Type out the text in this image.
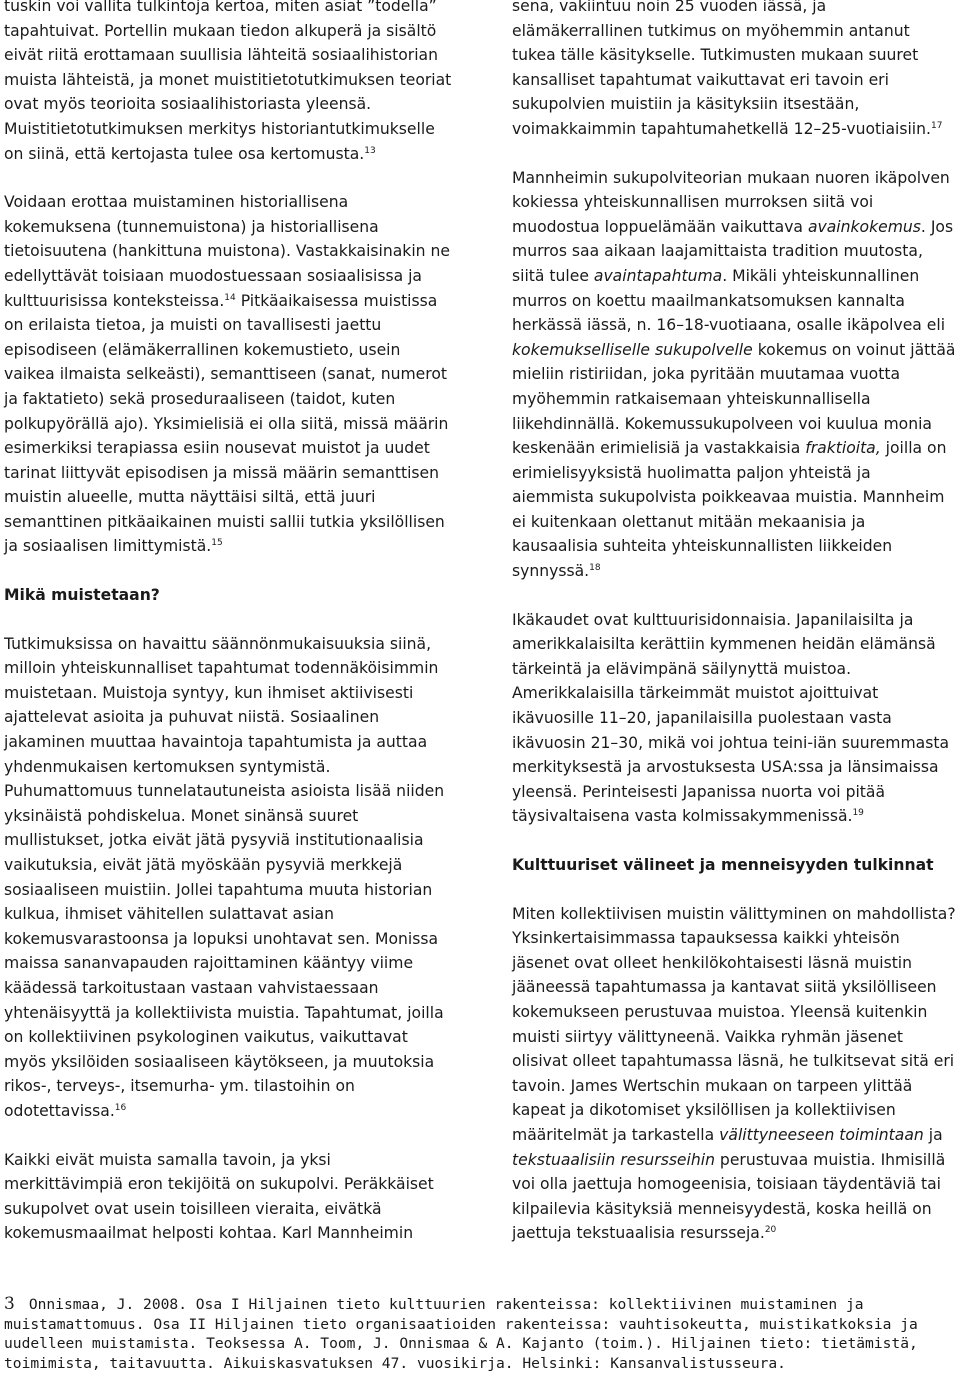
tuskin voi vallita tulkintoja kertoa, miten asiat ”todella” tapahtuivat. Portellin mukaan tiedon alkuperä ja sisältö eivät riitä erottamaan suullisia lähteitä sosiaalihistorian muista lähteistä, ja monet muistitietotutkimuksen teoriat ovat myös teorioita sosiaalihistoriasta yleensä. Muistitietotutkimuksen merkitys historiantutkimukselle on siinä, että kertojasta tulee osa kertomusta.$^{13}$

Voidaan erottaa muistaminen historiallisena kokemuksena (tunnemuistona) ja historiallisena tietoisuutena (hankittuna muistona). Vastakkaisinakin ne edellyttävät toisiaan muodostuessaan sosiaalisissa ja kulttuurisissa konteksteissa.$^{14}$ Pitkäaikaisessa muistissa on erilaista tietoa, ja muisti on tavallisesti jaettu episodiseen (elämäkerrallinen kokemustieto, usein vaikea ilmaista selkeästi), semanttiseen (sanat, numerot ja faktatieto) sekä proseduraaliseen (taidot, kuten polkupyörällä ajo). Yksimielisiä ei olla siitä, missä määrin esimerkiksi terapiassa esiin nousevat muistot ja uudet tarinat liittyvät episodisen ja missä määrin semanttisen muistin alueelle, mutta näyttäisi siltä, että juuri semanttinen pitkäaikainen muisti sallii tutkia yksilöllisen ja sosiaalisen limittymistä.$^{15}$

Mikä muistetaan?

Tutkimuksissa on havaittu säännönmukaisuuksia siinä, milloin yhteiskunnalliset tapahtumat todennäköisimmin muistetaan. Muistoja syntyy, kun ihmiset aktiivisesti ajattelevat asioita ja puhuvat niistä. Sosiaalinen jakaminen muuttaa havaintoja tapahtumista ja auttaa yhdenmukaisen kertomuksen syntymistä. Puhumattomuus tunnelatautuneista asioista lisää niiden yksinäistä pohdiskelua. Monet sinänsä suuret mullistukset, jotka eivät jätä pysyviä institutionaalisia vaikutuksia, eivät jätä myöskään pysyviä merkkejä sosiaaliseen muistiin. Jollei tapahtuma muuta historian kulkua, ihmiset vähitellen sulattavat asian kokemusvarastoonsa ja lopuksi unohtavat sen. Monissa maissa sananvapauden rajoittaminen kääntyy viime käädessä tarkoitustaan vastaan vahvistaessaan yhtenäisyyttä ja kollektiivista muistia. Tapahtumat, joilla on kollektiivinen psykologinen vaikutus, vaikuttavat myös yksilöiden sosiaaliseen käytökseen, ja muutoksia rikos-, terveys-, itsemurha- ym. tilastoihin on odotettavissa.$^{16}$

Kaikki eivät muista samalla tavoin, ja yksi merkittävimpiä eron tekijöitä on sukupolvi. Peräkkäiset sukupolvet ovat usein toisilleen vieraita, eivätkä kokemusmaailmat helposti kohtaa. Karl Mannheimin

sena, vakiintuu noin 25 vuoden iässä, ja elämäkerrallinen tutkimus on myöhemmin antanut tukea tälle käsitykselle. Tutkimusten mukaan suuret kansalliset tapahtumat vaikuttavat eri tavoin eri sukupolvien muistiin ja käsityksiin itsestään, voimakkaimmin tapahtumahetkellä 12–25-vuotiaisiin.$^{17}$

Mannheimin sukupolviteorian mukaan nuoren ikäpolven kokiessa yhteiskunnallisen murroksen siitä voi muodostua loppuelämään vaikuttava avainkokemus. Jos murros saa aikaan laajamittaista tradition muutosta, siitä tulee avaintapahtuma. Mikäli yhteiskunnallinen murros on koettu maailmankatsomuksen kannalta herkässä iässä, n. 16–18-vuotiaana, osalle ikäpolvea eli kokemukselliselle sukupolvelle kokemus on voinut jättää mieliin ristiriidan, joka pyritään muutamaa vuotta myöhemmin ratkaisemaan yhteiskunnallisella liikehdinnällä. Kokemussukupolveen voi kuulua monia keskenään erimielisiä ja vastakkaisia fraktioita, joilla on erimielisyyksistä huolimatta paljon yhteistä ja aiemmista sukupolvista poikkeavaa muistia. Mannheim ei kuitenkaan olettanut mitään mekaanisia ja kausaalisia suhteita yhteiskunnallisten liikkeiden synnyssä.$^{18}$

Ikäkaudet ovat kulttuurisidonnaisia. Japanilaisilta ja amerikkalaisilta kerättiin kymmenen heidän elämänsä tärkeintä ja elävimpänä säilynyttä muistoa. Amerikkalaisilla tärkeimmät muistot ajoittuivat ikävuosille 11–20, japanilaisilla puolestaan vasta ikävuosin 21–30, mikä voi johtua teini-iän suuremmasta merkityksestä ja arvostuksesta USA:ssa ja länsimaissa yleensä. Perinteisesti Japanissa nuorta voi pitää täysivaltaisena vasta kolmissakymmenissä.$^{19}$

Kulttuuriset välineet ja menneisyyden tulkinnat

Miten kollektiivisen muistin välittyminen on mahdollista? Yksinkertaisimmassa tapauksessa kaikki yhteisön jäsenet ovat olleet henkilökohtaisesti läsnä muistin jääneessä tapahtumassa ja kantavat siitä yksilölliseen kokemukseen perustuvaa muistoa. Yleensä kuitenkin muisti siirtyy välittyneenä. Vaikka ryhmän jäsenet olisivat olleet tapahtumassa läsnä, he tulkitsevat sitä eri tavoin. James Wertschin mukaan on tarpeen ylittää kapeat ja dikotomiset yksilöllisen ja kollektiivisen määritelmät ja tarkastella välittyneeseen toimintaan ja tekstuaalisiin resursseihin perustuvaa muistia. Ihmisillä voi olla jaettuja homogeenisia, toisiaan täydentäviä tai kilpailevia käsityksiä menneisyydestä, koska heillä on jaettuja tekstuaalisia resursseja.$^{20}$

3 Onnismaa, J. 2008. Osa I Hiljainen tieto kulttuurien rakenteissa: kollektiivinen muistaminen ja muistamattomuus. Osa II Hiljainen tieto organisaatioiden rakenteissa: vauhtisokeutta, muistikatkoksia ja uudelleen muistamista. Teoksessa A. Toom, J. Onnismaa & A. Kajanto (toim.). Hiljainen tieto: tietämistä, toimimista, taitavuutta. Aikuiskasvatuksen 47. vuosikirja. Helsinki: Kansanvalistusseura.
